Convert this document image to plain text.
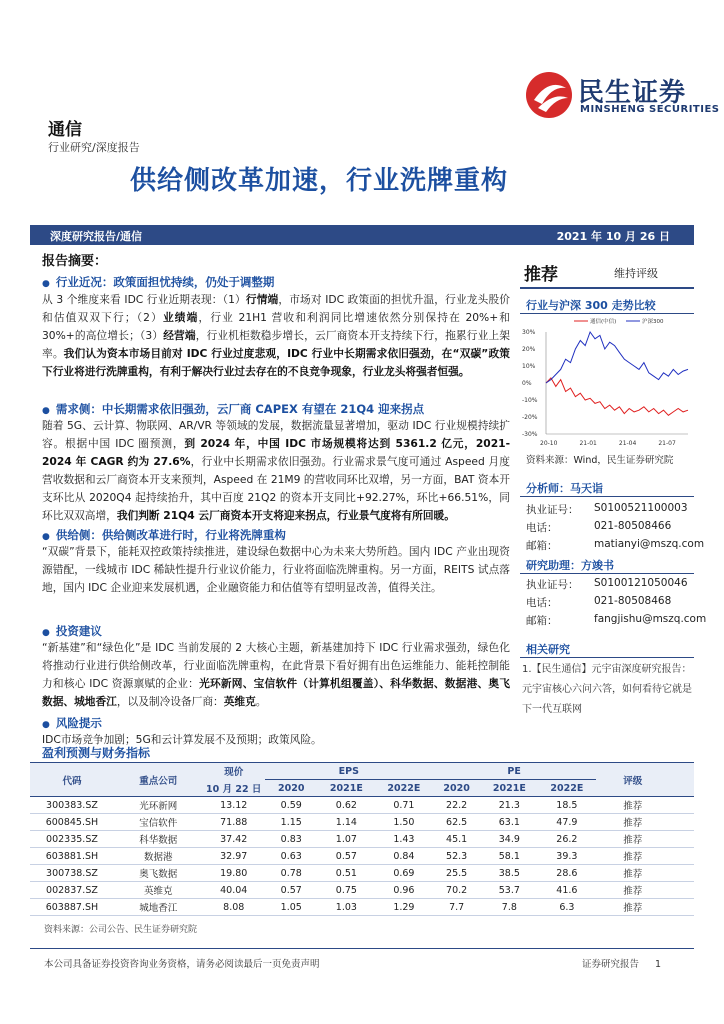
民生证券
MINSHENG SECURITIES
通信
行业研究/深度报告
供给侧改革加速，行业洗牌重构
深度研究报告/通信	2021 年 10 月 26 日
报告摘要：
● 行业近况：政策面担忧持续，仍处于调整期

从 3 个维度来看 IDC 行业近期表现：（1）行情端，市场对 IDC 政策面的担忧升温，行业龙头股价和估值双双下行；（2）业绩端，行业 21H1 营收和利润同比增速依然分别保持在 20%+和 30%+的高位增长；（3）经营端，行业机柜数稳步增长，云厂商资本开支持续下行，拖累行业上架率。我们认为资本市场目前对 IDC 行业过度悲观，IDC 行业中长期需求依旧强劲，在“双碳”政策下行业将进行洗牌重构，有利于解决行业过去存在的不良竞争现象，行业龙头将强者恒强。

● 需求侧：中长期需求依旧强劲，云厂商 CAPEX 有望在 21Q4 迎来拐点

随着 5G、云计算、物联网、AR/VR 等领域的发展，数据流量显著增加，驱动 IDC 行业规模持续扩容。根据中国 IDC 圈预测，到 2024 年，中国 IDC 市场规模将达到 5361.2 亿元，2021-2024 年 CAGR 约为 27.6%，行业中长期需求依旧强劲。行业需求景气度可通过 Aspeed 月度营收数据和云厂商资本开支来预判，Aspeed 在 21M9 的营收同环比双增，另一方面，BAT 资本开支环比从 2020Q4 起持续抬升，其中百度 21Q2 的资本开支同比+92.27%，环比+66.51%，同环比双双高增，我们判断 21Q4 云厂商资本开支将迎来拐点，行业景气度将有所回暖。

● 供给侧：供给侧改革进行时，行业将洗牌重构

“双碳”背景下，能耗双控政策持续推进，建设绿色数据中心为未来大势所趋。国内 IDC 产业出现资源错配，一线城市 IDC 稀缺性提升行业议价能力，行业将面临洗牌重构。另一方面，REITS 试点落地，国内 IDC 企业迎来发展机遇，企业融资能力和估值等有望明显改善，值得关注。

● 投资建议

“新基建”和“绿色化”是 IDC 当前发展的 2 大核心主题，新基建加持下 IDC 行业需求强劲，绿色化将推动行业进行供给侧改革，行业面临洗牌重构，在此背景下看好拥有出色运维能力、能耗控制能力和核心 IDC 资源禀赋的企业：光环新网、宝信软件（计算机组覆盖）、科华数据、数据港、奥飞数据、城地香江，以及制冷设备厂商：英维克。

● 风险提示

IDC市场竞争加剧；5G和云计算发展不及预期；政策风险。

推荐	维持评级
行业与沪深 300 走势比较
30%
20%
10%
0%
-10%
-20%
-30%
20-10	21-01	21-04	21-07
通信(中信)	沪深300
资料来源：Wind，民生证券研究院
分析师：马天诣
执业证号： S0100521100003
电话：	021-80508466
邮箱：	matianyi@mszq.com
研究助理：方竣书
执业证号： S0100121050046
电话：	021-80508468
邮箱：	fangjishu@mszq.com
相关研究
1.【民生通信】元宇宙深度研究报告：元宇宙核心六问六答，如何看待它就是下一代互联网
盈利预测与财务指标
代码	重点公司	现价	EPS			PE			评级	
		10 月 22 日	2020	2021E	2022E	2020	2021E	2022E		
300383.SZ	光环新网	13.12	0.59	0.62	0.71	22.2	21.3	18.5	推荐	
600845.SH	宝信软件	71.88	1.15	1.14	1.50	62.5	63.1	47.9	推荐	
002335.SZ	科华数据	37.42	0.83	1.07	1.43	45.1	34.9	26.2	推荐	
603881.SH	数据港	32.97	0.63	0.57	0.84	52.3	58.1	39.3	推荐	
300738.SZ	奥飞数据	19.80	0.78	0.51	0.69	25.5	38.5	28.6	推荐	
002837.SZ	英维克	40.04	0.57	0.75	0.96	70.2	53.7	41.6	推荐	
603887.SH	城地香江	8.08	1.05	1.03	1.29	7.7	7.8	6.3	推荐	
资料来源：公司公告、民生证券研究院
本公司具备证券投资咨询业务资格，请务必阅读最后一页免责声明	证券研究报告 1
